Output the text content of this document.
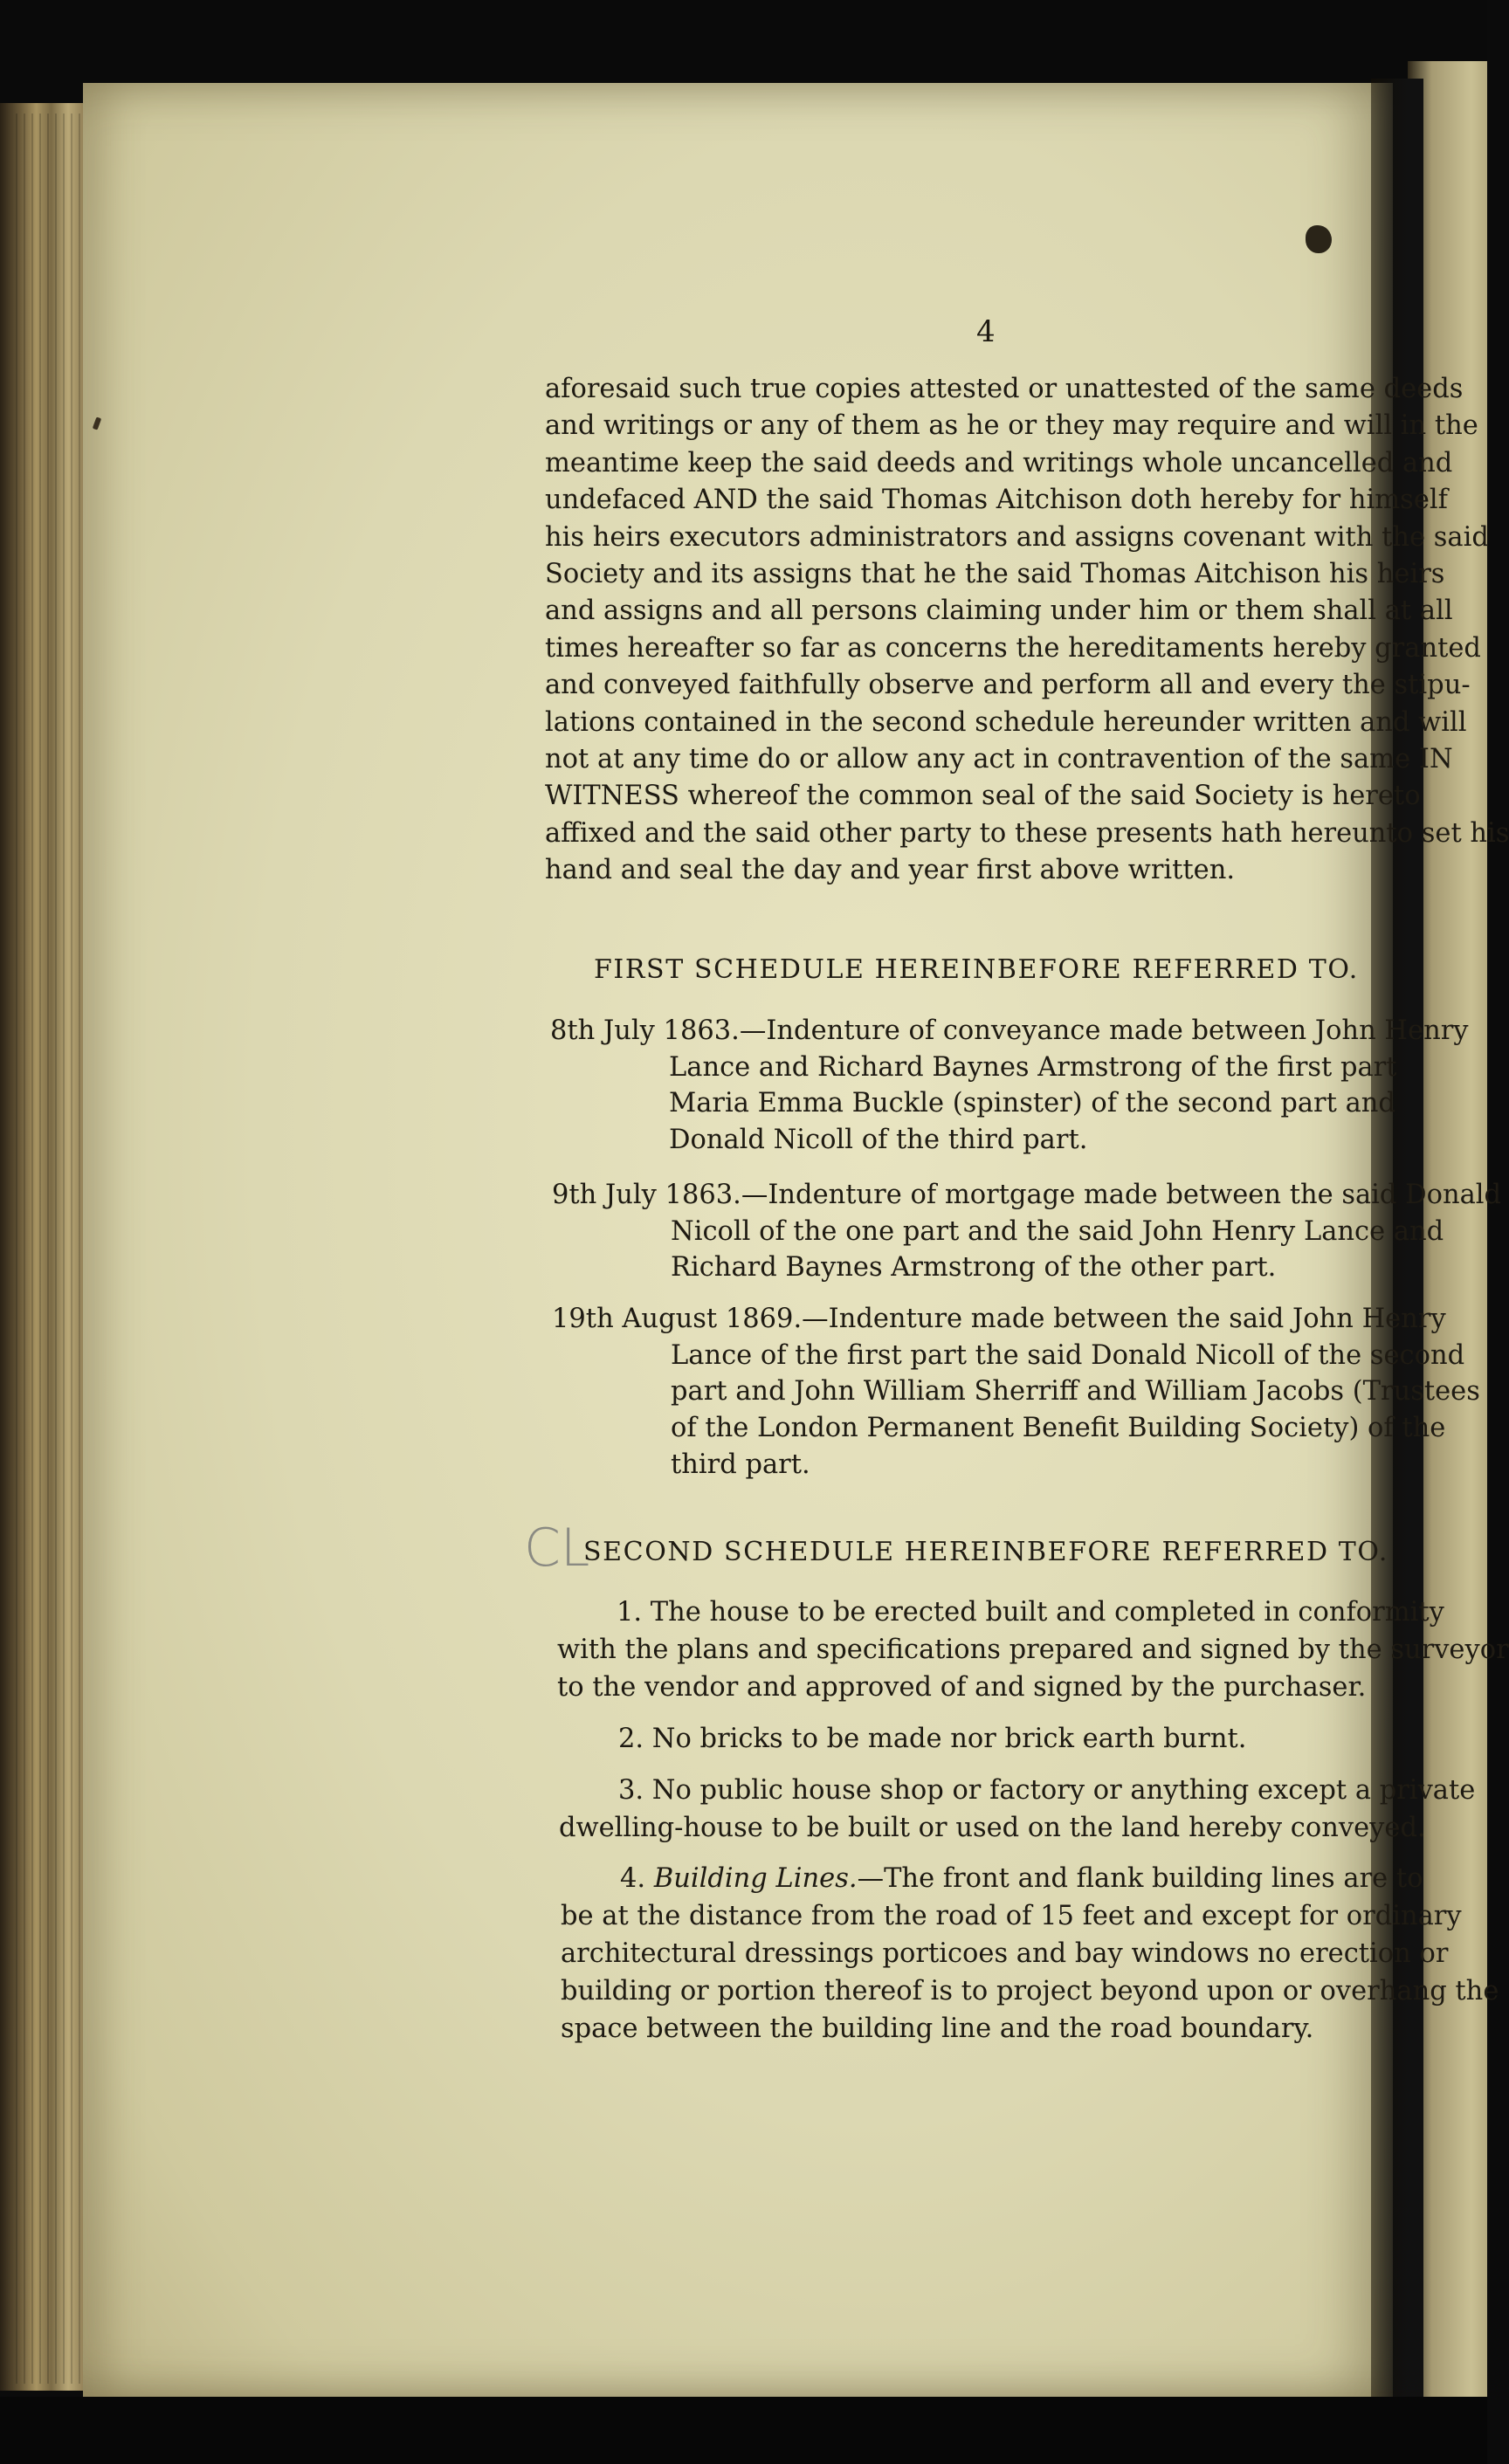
4
aforesaid such true copies attested or unattested of the same deeds
and writings or any of them as he or they may require and will in the
meantime keep the said deeds and writings whole uncancelled and
undefaced AND the said Thomas Aitchison doth hereby for himself
his heirs executors administrators and assigns covenant with the said
Society and its assigns that he the said Thomas Aitchison his heirs
and assigns and all persons claiming under him or them shall at all
times hereafter so far as concerns the hereditaments hereby granted
and conveyed faithfully observe and perform all and every the stipu-
lations contained in the second schedule hereunder written and will
not at any time do or allow any act in contravention of the same IN
WITNESS whereof the common seal of the said Society is hereto
affixed and the said other party to these presents hath hereunto set his
hand and seal the day and year first above written.
FIRST SCHEDULE HEREINBEFORE REFERRED TO.
8th July 1863.—Indenture of conveyance made between John Henry
Lance and Richard Baynes Armstrong of the first part
Maria Emma Buckle (spinster) of the second part and
Donald Nicoll of the third part.
9th July 1863.—Indenture of mortgage made between the said Donald
Nicoll of the one part and the said John Henry Lance and
Richard Baynes Armstrong of the other part.
19th August 1869.—Indenture made between the said John Henry
Lance of the first part the said Donald Nicoll of the second
part and John William Sherriff and William Jacobs (Trustees
of the London Permanent Benefit Building Society) of the
third part.
SECOND SCHEDULE HEREINBEFORE REFERRED TO.
1. The house to be erected built and completed in conformity
with the plans and specifications prepared and signed by the surveyor
to the vendor and approved of and signed by the purchaser.
2. No bricks to be made nor brick earth burnt.
3. No public house shop or factory or anything except a private
dwelling-house to be built or used on the land hereby conveyed.
4. Building Lines.—The front and flank building lines are to
be at the distance from the road of 15 feet and except for ordinary
architectural dressings porticoes and bay windows no erection or
building or portion thereof is to project beyond upon or overhang the
space between the building line and the road boundary.
CL
